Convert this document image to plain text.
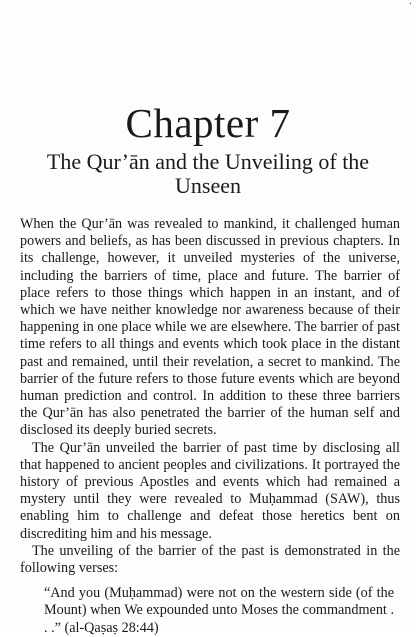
·
Chapter 7
The Qur’ān and the Unveiling of the Unseen

When the Qur’ān was revealed to mankind, it challenged human powers and beliefs, as has been discussed in previous chapters. In its challenge, however, it unveiled mysteries of the universe, including the barriers of time, place and future. The barrier of place refers to those things which happen in an instant, and of which we have neither knowledge nor awareness because of their happening in one place while we are elsewhere. The barrier of past time refers to all things and events which took place in the distant past and remained, until their revelation, a secret to mankind. The barrier of the future refers to those future events which are beyond human prediction and control. In addition to these three barriers the Qur’ān has also penetrated the barrier of the human self and disclosed its deeply buried secrets.

The Qur’ān unveiled the barrier of past time by disclosing all that happened to ancient peoples and civilizations. It portrayed the history of previous Apostles and events which had remained a mystery until they were revealed to Muḥammad (SAW), thus enabling him to challenge and defeat those heretics bent on discrediting him and his message.

The unveiling of the barrier of the past is demonstrated in the following verses:

“And you (Muḥammad) were not on the western side (of the Mount) when We expounded unto Moses the commandment . . .” (al-Qaṣaṣ 28:44)
